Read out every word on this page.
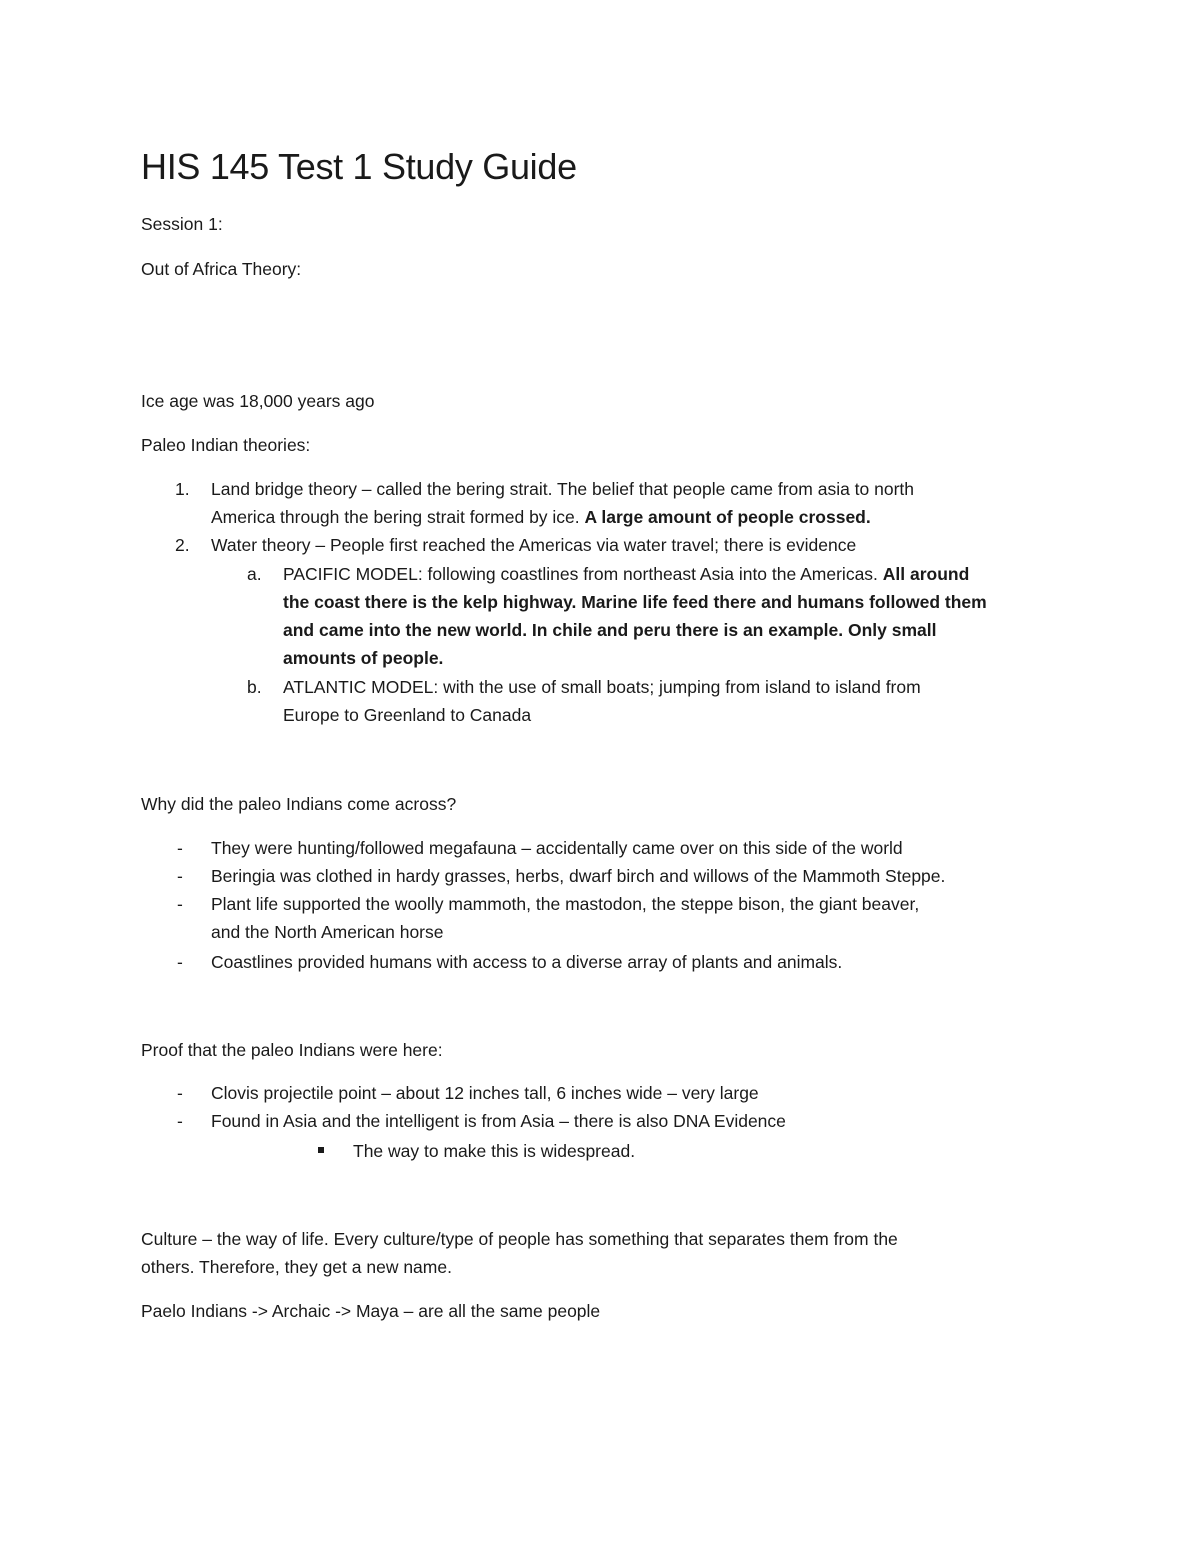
HIS 145 Test 1 Study Guide
Session 1:
Out of Africa Theory:
Ice age was 18,000 years ago
Paleo Indian theories:
1. Land bridge theory – called the bering strait. The belief that people came from asia to north
America through the bering strait formed by ice. A large amount of people crossed.
2. Water theory – People first reached the Americas via water travel; there is evidence
a. PACIFIC MODEL: following coastlines from northeast Asia into the Americas. All around
the coast there is the kelp highway. Marine life feed there and humans followed them
and came into the new world. In chile and peru there is an example. Only small
amounts of people.
b. ATLANTIC MODEL: with the use of small boats; jumping from island to island from
Europe to Greenland to Canada
Why did the paleo Indians come across?
- They were hunting/followed megafauna – accidentally came over on this side of the world
- Beringia was clothed in hardy grasses, herbs, dwarf birch and willows of the Mammoth Steppe.
- Plant life supported the woolly mammoth, the mastodon, the steppe bison, the giant beaver,
and the North American horse
- Coastlines provided humans with access to a diverse array of plants and animals.
Proof that the paleo Indians were here:
- Clovis projectile point – about 12 inches tall, 6 inches wide – very large
- Found in Asia and the intelligent is from Asia – there is also DNA Evidence
The way to make this is widespread.
Culture – the way of life. Every culture/type of people has something that separates them from the
others. Therefore, they get a new name.
Paelo Indians -> Archaic -> Maya – are all the same people
